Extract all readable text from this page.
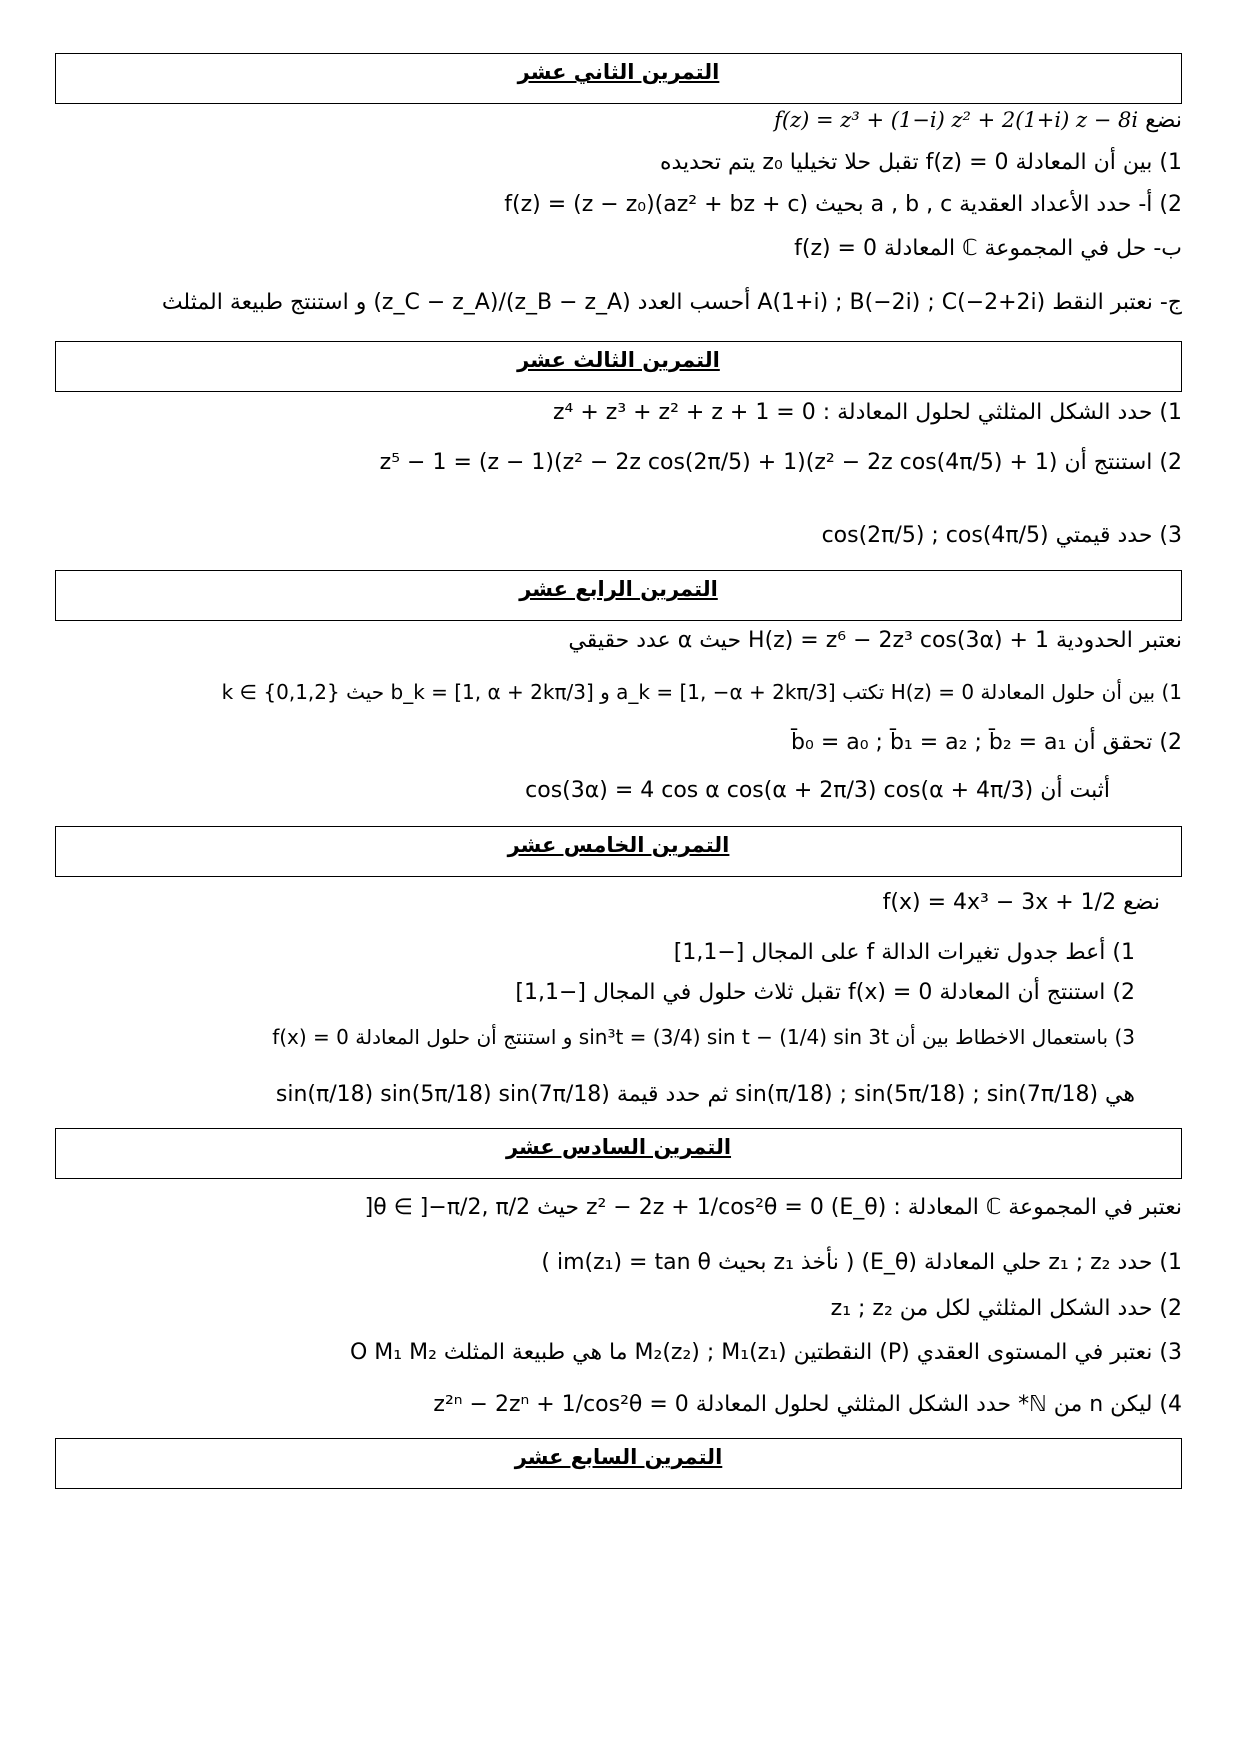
التمرين الثاني عشر
نضع f(z) = z³ + (1−i) z² + 2(1+i) z − 8i
1) بين أن المعادلة f(z) = 0 تقبل حلا تخيليا z₀ يتم تحديده
2) أ- حدد الأعداد العقدية a , b , c بحيث f(z) = (z − z₀)(az² + bz + c)
ب- حل في المجموعة ℂ المعادلة f(z) = 0
ج- نعتبر النقط A(1+i) ; B(−2i) ; C(−2+2i) أحسب العدد (z_B − z_A)/(z_C − z_A) و استنتج طبيعة المثلث
التمرين الثالث عشر
1) حدد الشكل المثلثي لحلول المعادلة : z⁴ + z³ + z² + z + 1 = 0
2) استنتج أن z⁵ − 1 = (z − 1)(z² − 2z cos(2π/5) + 1)(z² − 2z cos(4π/5) + 1)
3) حدد قيمتي cos(2π/5) ; cos(4π/5)
التمرين الرابع عشر
نعتبر الحدودية H(z) = z⁶ − 2z³ cos(3α) + 1 حيث α عدد حقيقي
1) بين أن حلول المعادلة H(z) = 0 تكتب a_k = [1, −α + 2kπ/3] و b_k = [1, α + 2kπ/3] حيث k ∈ {0,1,2}
2) تحقق أن b̄₀ = a₀ ; b̄₁ = a₂ ; b̄₂ = a₁
أثبت أن cos(3α) = 4 cos α cos(α + 2π/3) cos(α + 4π/3)
التمرين الخامس عشر
نضع f(x) = 4x³ − 3x + 1/2
1) أعط جدول تغيرات الدالة f على المجال [−1,1]
2) استنتج أن المعادلة f(x) = 0 تقبل ثلاث حلول في المجال [−1,1]
3) باستعمال الاخطاط بين أن sin³t = (3/4) sin t − (1/4) sin 3t و استنتج أن حلول المعادلة f(x) = 0
هي sin(π/18) ; sin(5π/18) ; sin(7π/18) ثم حدد قيمة sin(π/18) sin(5π/18) sin(7π/18)
التمرين السادس عشر
نعتبر في المجموعة ℂ المعادلة : (E_θ) z² − 2z + 1/cos²θ = 0 حيث θ ∈ ]−π/2, π/2[
1) حدد z₁ ; z₂ حلي المعادلة (E_θ) ( نأخذ z₁ بحيث im(z₁) = tan θ )
2) حدد الشكل المثلثي لكل من z₁ ; z₂
3) نعتبر في المستوى العقدي (P) النقطتين M₂(z₂) ; M₁(z₁) ما هي طبيعة المثلث O M₁ M₂
4) ليكن n من ℕ* حدد الشكل المثلثي لحلول المعادلة z²ⁿ − 2zⁿ + 1/cos²θ = 0
التمرين السابع عشر
